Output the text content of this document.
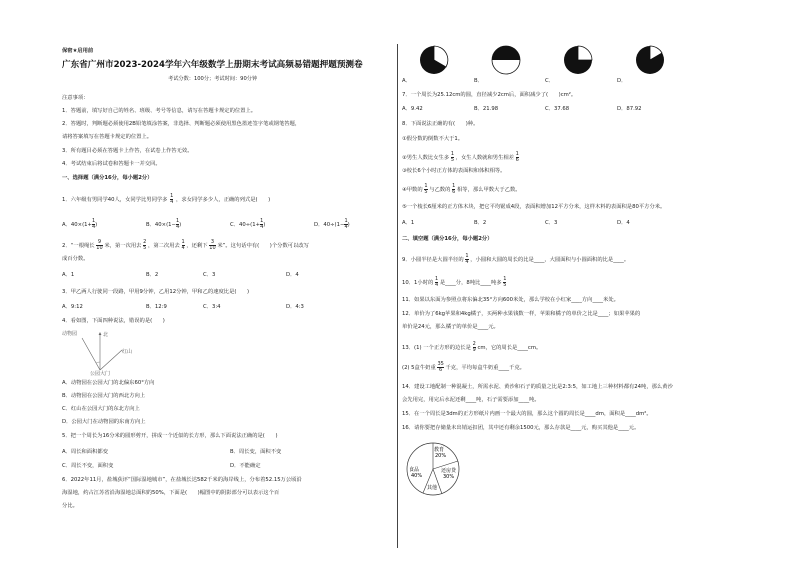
保密★启用前
广东省广州市2023-2024学年六年级数学上册期末考试高频易错题押题预测卷
考试分数：100分；考试时间：90分钟
注意事项：
1．答题前，填写好自己的姓名、班级、考号等信息，请写在答题卡规定的位置上。
2．答题时，判断题必须使用2B铅笔填涂答案，非选择、判断题必须使用黑色墨迹签字笔或钢笔答题，
请将答案填写在答题卡规定的位置上。
3．所有题目必须在答题卡上作答，在试卷上作答无效。
4．考试结束后将试卷和答题卡一并交回。
一、选择题（满分16分，每小题2分）
1．六年级有男同学40人，女同学比男同学多 $\frac{1}{4}$ ，求女同学多少人，正确的列式是(　　)
A．$40\times(1+ \frac{1}{4}$ )	B．$40\times(1- \frac{1}{4}$ )	C．$40\div(1+ \frac{1}{4}$ )	D．$40\div(1- \frac{1}{4}$ )
2．“一根绳长 $\frac{9}{10}$ 米，第一次用去 $\frac{2}{5}$ ，第二次用去 $\frac{1}{4}$ ，还剩下 $\frac{3}{10}$ 米”。这句话中有(　　)个分数可以改写
成百分数。
A．1	B．2	C．3	D．4
3．甲乙两人行驶同一段路，甲用9分钟，乙用12分钟，甲和乙的速度比是(　　)
A．9:12	B．12:9	C．3:4	D．4:3
4．看如图，下面四种说法，错误的是(　　)
动物园	北
红山
公园大门
A．动物园在公园大门的北偏东60°方向
B．动物园在公园大门的西北方向上
C．红山在公园大门的东北方向上
D．公园大门在动物园的东南方向上
5．把一个周长为16分米的圆形剪开，拼成一个近似的长方形，那么下面说法正确的是(　　)
A．周长和面积都变	B．周长变，面积不变
C．周长不变，面积变	D．不能确定
6．2022年11月，盐城获评“国际湿地城市”，在盐城长达582千米的海岸线上，分布着52.15万公顷沿
海湿地，约占江苏省沿海湿地总面积的50%，下面是(　　)幅图中的阴影部分可以表示这个百
分比。
A．	B．	C．	D．
7．一个周长为25.12cm的圆，直径减少2cm后，面积减少了(　　)cm²。
A．9.42	B．21.98	C．37.68	D．87.92
8．下面说法正确的有(　　)种。
①假分数的倒数不大于1。
②男生人数比女生多 $\frac{1}{5}$ ，女生人数就和男生相差 $\frac{1}{6}$
③校长6个小时正方体的表面积和体积相等。
④甲数的 $\frac{1}{5}$ 与乙数的 $\frac{1}{6}$ 相等，那么甲数大于乙数。
⑤一个棱长6厘米的正方体木块，把它平均锯成4段，表面积增加12平方分米，这样木料的表面积是80平方分米。
A．1	B．2	C．3	D．4
二、填空题（满分16分，每小题2分）
9．小圆半径是大圆半径的 $\frac{1}{4}$ ，小圆和大圆的周长的比是____，大圆面积与小圆面积的比是____。
10．1小时的 $\frac{1}{4}$ 是____分，8吨比____吨多 $\frac{1}{5}$
11．如果以东面为参照点将东偏北35°方向600米处，那么学校在小红家____方向____米处。
12．单价为了6kg苹果和4kg橘子，买两种水果钱数一样，苹果和橘子的单价之比是____；如果苹果的
单价是24元，那么橘子的单价是____元。
13．(1) 一个正方形的边长是 $\frac{2}{9}$ cm，它的周长是____cm。
(2) 5盒牛奶重 $\frac{35}{6}$ 千克，平均每盒牛奶重____千克。
14．建设工地配制一种混凝土，所需水泥、黄沙和石子的质量之比是2:3:5，如工地上三种材料都有24吨，那么黄沙
会先用完，用完后水泥还剩____吨，石子需要添加____吨。
15．在一个周长是3dm的正方形纸片内画一个最大的圆，那么这个圆的周长是____dm，面积是____dm²。
16．请你要把存储量未出销运扣团，其中还有剩余1500元，那么存款是____元，购买其他是____元。
教育
20%
还房贷
30%
食品
40%
其他
